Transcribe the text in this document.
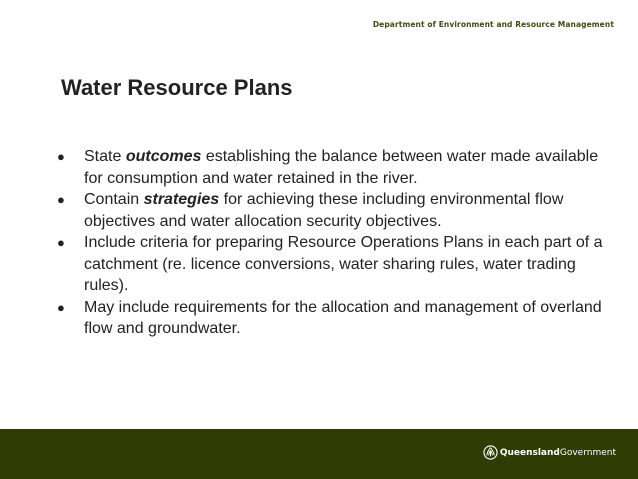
Department of Environment and Resource Management
Water Resource Plans
● State outcomes establishing the balance between water made available for consumption and water retained in the river.
● Contain strategies for achieving these including environmental flow objectives and water allocation security objectives.
● Include criteria for preparing Resource Operations Plans in each part of a catchment (re. licence conversions, water sharing rules, water trading rules).
● May include requirements for the allocation and management of overland flow and groundwater.
Queensland Government
